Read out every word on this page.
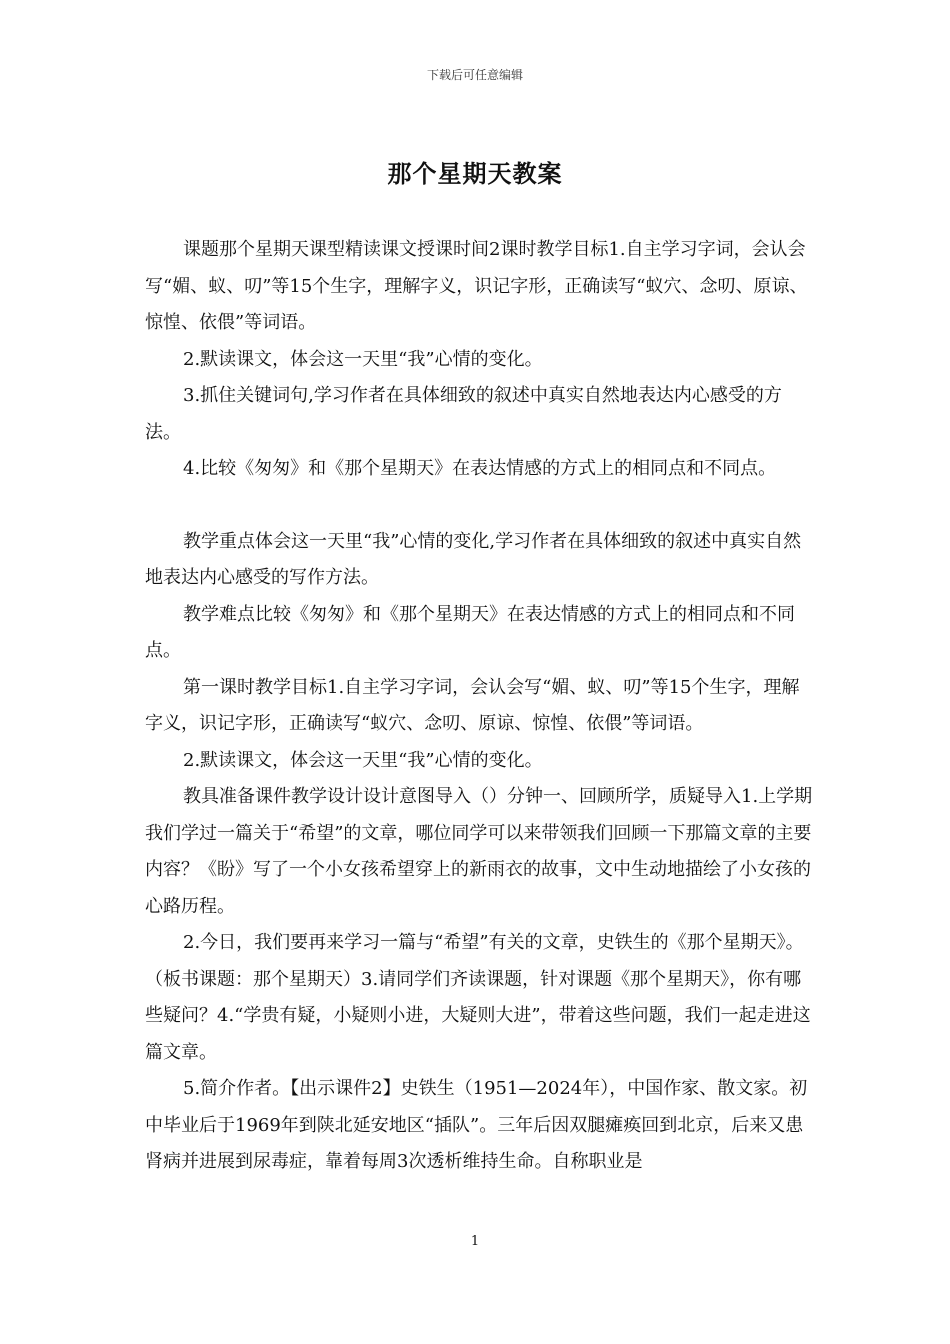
下载后可任意编辑
那个星期天教案

课题那个星期天课型精读课文授课时间2课时教学目标1.自主学习字词，会认会写“媚、蚁、叨”等15个生字，理解字义，识记字形，正确读写“蚁穴、念叨、原谅、惊惶、依偎”等词语。

2.默读课文，体会这一天里“我”心情的变化。

3.抓住关键词句,学习作者在具体细致的叙述中真实自然地表达内心感受的方法。

4.比较《匆匆》和《那个星期天》在表达情感的方式上的相同点和不同点。

教学重点体会这一天里“我”心情的变化,学习作者在具体细致的叙述中真实自然地表达内心感受的写作方法。

教学难点比较《匆匆》和《那个星期天》在表达情感的方式上的相同点和不同点。

第一课时教学目标1.自主学习字词，会认会写“媚、蚁、叨”等15个生字，理解字义，识记字形，正确读写“蚁穴、念叨、原谅、惊惶、依偎”等词语。

2.默读课文，体会这一天里“我”心情的变化。

教具准备课件教学设计设计意图导入（）分钟一、回顾所学，质疑导入1.上学期我们学过一篇关于“希望”的文章，哪位同学可以来带领我们回顾一下那篇文章的主要内容？《盼》写了一个小女孩希望穿上的新雨衣的故事，文中生动地描绘了小女孩的心路历程。

2.今日，我们要再来学习一篇与“希望”有关的文章，史铁生的《那个星期天》。（板书课题：那个星期天）3.请同学们齐读课题，针对课题《那个星期天》，你有哪些疑问？4.“学贵有疑，小疑则小进，大疑则大进”，带着这些问题，我们一起走进这篇文章。

5.简介作者。【出示课件2】史铁生（1951—2024年），中国作家、散文家。初中毕业后于1969年到陕北延安地区“插队”。三年后因双腿瘫痪回到北京，后来又患肾病并进展到尿毒症，靠着每周3次透析维持生命。自称职业是

1
